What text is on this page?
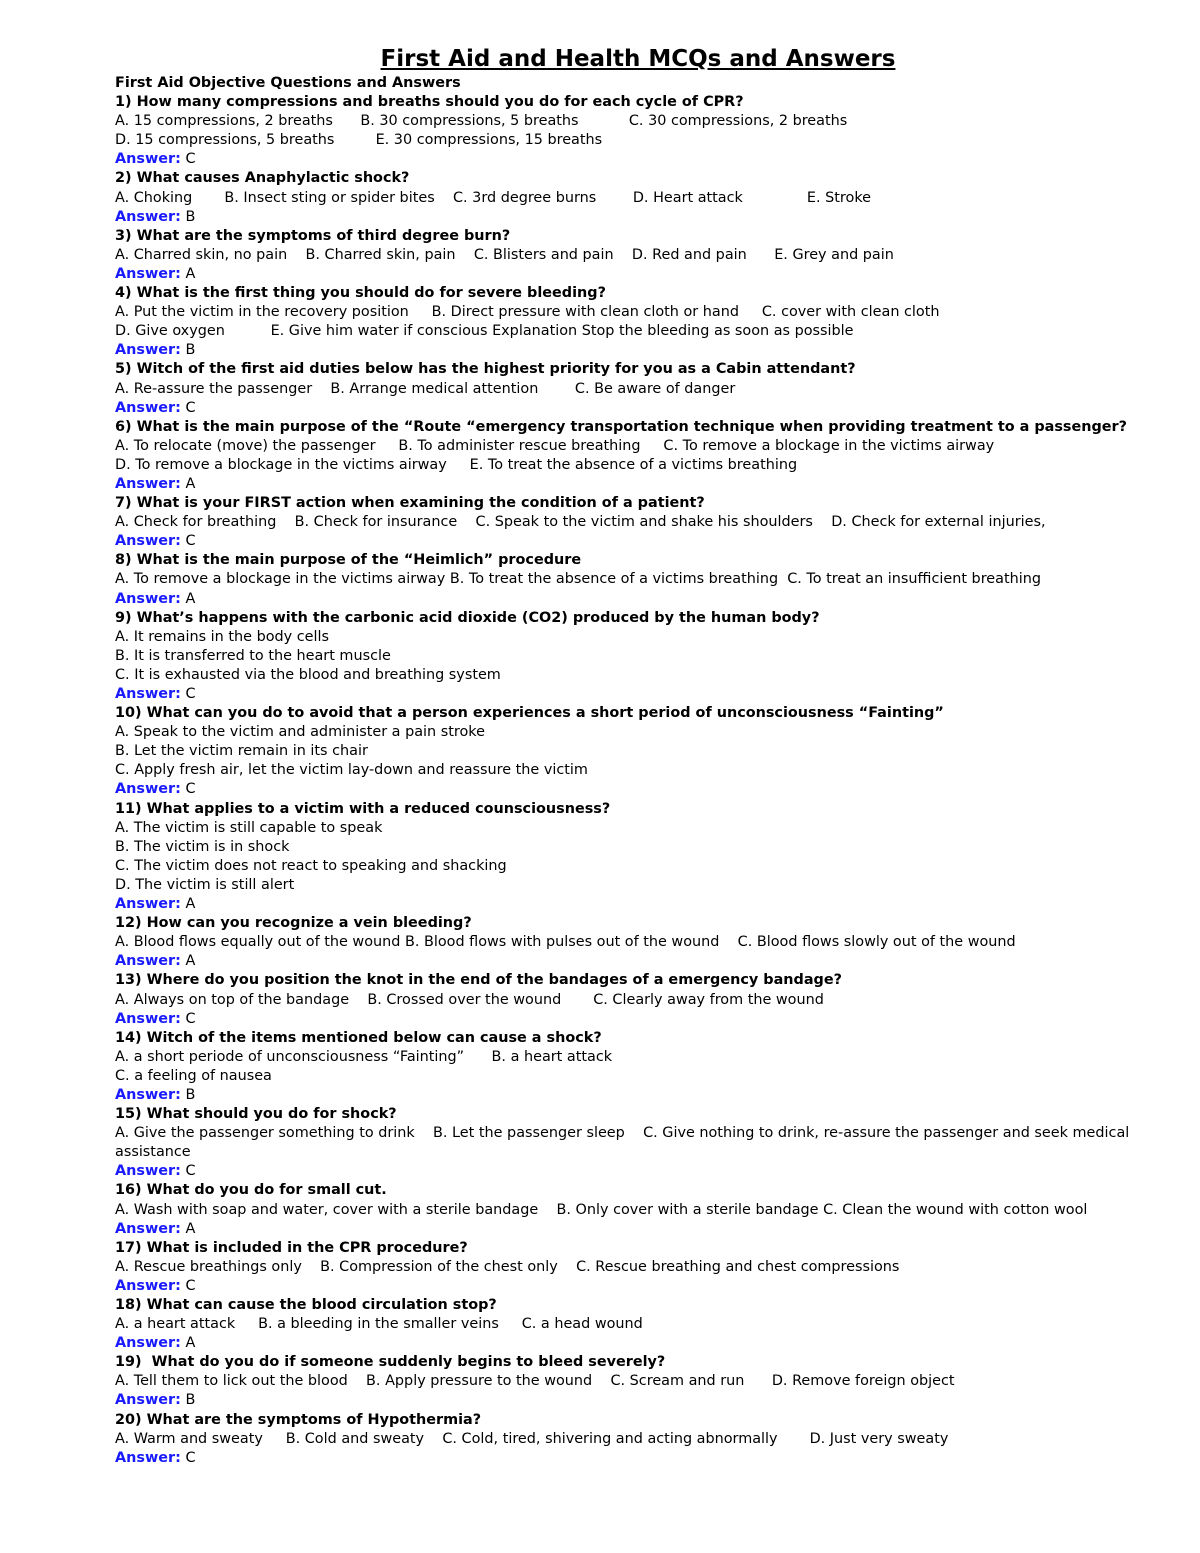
First Aid and Health MCQs and Answers
First Aid Objective Questions and Answers
1) How many compressions and breaths should you do for each cycle of CPR?
A. 15 compressions, 2 breaths      B. 30 compressions, 5 breaths           C. 30 compressions, 2 breaths
D. 15 compressions, 5 breaths         E. 30 compressions, 15 breaths
Answer: C
2) What causes Anaphylactic shock?
A. Choking       B. Insect sting or spider bites    C. 3rd degree burns        D. Heart attack              E. Stroke
Answer: B
3) What are the symptoms of third degree burn?
A. Charred skin, no pain    B. Charred skin, pain    C. Blisters and pain    D. Red and pain      E. Grey and pain
Answer: A
4) What is the first thing you should do for severe bleeding?
A. Put the victim in the recovery position     B. Direct pressure with clean cloth or hand     C. cover with clean cloth
D. Give oxygen          E. Give him water if conscious Explanation Stop the bleeding as soon as possible
Answer: B
5) Witch of the first aid duties below has the highest priority for you as a Cabin attendant?
A. Re-assure the passenger    B. Arrange medical attention        C. Be aware of danger
Answer: C
6) What is the main purpose of the “Route “emergency transportation technique when providing treatment to a passenger?
A. To relocate (move) the passenger     B. To administer rescue breathing     C. To remove a blockage in the victims airway
D. To remove a blockage in the victims airway     E. To treat the absence of a victims breathing
Answer: A
7) What is your FIRST action when examining the condition of a patient?
A. Check for breathing    B. Check for insurance    C. Speak to the victim and shake his shoulders    D. Check for external injuries,
Answer: C
8) What is the main purpose of the “Heimlich” procedure
A. To remove a blockage in the victims airway B. To treat the absence of a victims breathing  C. To treat an insufficient breathing
Answer: A
9) What’s happens with the carbonic acid dioxide (CO2) produced by the human body?
A. It remains in the body cells
B. It is transferred to the heart muscle
C. It is exhausted via the blood and breathing system
Answer: C
10) What can you do to avoid that a person experiences a short period of unconsciousness “Fainting”
A. Speak to the victim and administer a pain stroke
B. Let the victim remain in its chair
C. Apply fresh air, let the victim lay-down and reassure the victim
Answer: C
11) What applies to a victim with a reduced counsciousness?
A. The victim is still capable to speak
B. The victim is in shock
C. The victim does not react to speaking and shacking
D. The victim is still alert
Answer: A
12) How can you recognize a vein bleeding?
A. Blood flows equally out of the wound B. Blood flows with pulses out of the wound    C. Blood flows slowly out of the wound
Answer: A
13) Where do you position the knot in the end of the bandages of a emergency bandage?
A. Always on top of the bandage    B. Crossed over the wound       C. Clearly away from the wound
Answer: C
14) Witch of the items mentioned below can cause a shock?
A. a short periode of unconsciousness “Fainting”      B. a heart attack
C. a feeling of nausea
Answer: B
15) What should you do for shock?
A. Give the passenger something to drink    B. Let the passenger sleep    C. Give nothing to drink, re-assure the passenger and seek medical assistance
Answer: C
16) What do you do for small cut.
A. Wash with soap and water, cover with a sterile bandage    B. Only cover with a sterile bandage C. Clean the wound with cotton wool
Answer: A
17) What is included in the CPR procedure?
A. Rescue breathings only    B. Compression of the chest only    C. Rescue breathing and chest compressions
Answer: C
18) What can cause the blood circulation stop?
A. a heart attack     B. a bleeding in the smaller veins     C. a head wound
Answer: A
19)  What do you do if someone suddenly begins to bleed severely?
A. Tell them to lick out the blood    B. Apply pressure to the wound    C. Scream and run      D. Remove foreign object
Answer: B
20) What are the symptoms of Hypothermia?
A. Warm and sweaty     B. Cold and sweaty    C. Cold, tired, shivering and acting abnormally       D. Just very sweaty
Answer: C
